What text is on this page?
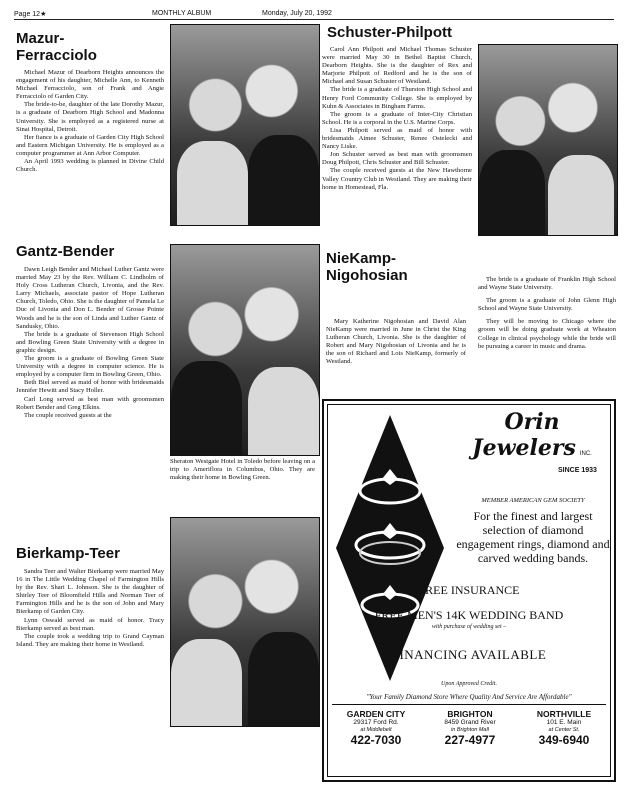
Page 12★	MONTHLY ALBUM	Monday, July 20, 1992
Mazur-
Ferracciolo

Michael Mazur of Dearborn Heights announces the engagement of his daughter, Michelle Ann, to Kenneth Michael Ferracciolo, son of Frank and Angie Ferracciolo of Garden City.

The bride-to-be, daughter of the late Dorothy Mazur, is a graduate of Dearborn High School and Madonna University. She is employed as a registered nurse at Sinai Hospital, Detroit.

Her fiance is a graduate of Garden City High School and Eastern Michigan University. He is employed as a computer programmer at Ann Arbor Computer.

An April 1993 wedding is planned in Divine Child Church.

Schuster-Philpott

Carol Ann Philpott and Michael Thomas Schuster were married May 30 in Bethel Baptist Church, Dearborn Heights. She is the daughter of Rex and Marjorie Philpott of Redford and he is the son of Michael and Susan Schuster of Westland.

The bride is a graduate of Thurston High School and Henry Ford Community College. She is employed by Kuhn & Associates in Bingham Farms.

The groom is a graduate of Inter-City Christian School. He is a corporal in the U.S. Marine Corps.

Lisa Philpott served as maid of honor with bridesmaids Aimee Schuster, Renee Ostelecki and Nancy Liske.

Jon Schuster served as best man with groomsmen Doug Philpott, Chris Schuster and Bill Schuster.

The couple received guests at the New Hawthorne Valley Country Club in Westland. They are making their home in Homestead, Fla.

Gantz-Bender

Dawn Leigh Bender and Michael Luther Gantz were married May 23 by the Rev. William C. Lindholm of Holy Cross Lutheran Church, Livonia, and the Rev. Larry Michaels, associate pastor of Hope Lutheran Church, Toledo, Ohio. She is the daughter of Pamela Le Duc of Livonia and Don L. Bender of Grosse Pointe Woods and he is the son of Linda and Luther Gantz of Sandusky, Ohio.

The bride is a graduate of Stevenson High School and Bowling Green State University with a degree in graphic design.

The groom is a graduate of Bowling Green State University with a degree in computer science. He is employed by a computer firm in Bowling Green, Ohio.

Beth Biel served as maid of honor with bridesmaids Jennifer Hewitt and Stacy Holler.

Carl Long served as best man with groomsmen Robert Bender and Greg Elkins.

The couple received guests at the

Sheraton Westgate Hotel in Toledo before leaving on a trip to Ameriflora in Columbus, Ohio. They are making their home in Bowling Green.

NieKamp-
Nigohosian

Mary Katherine Nigohosian and David Alan NieKamp were married in June in Christ the King Lutheran Church, Livonia. She is the daughter of Robert and Mary Nigohosian of Livonia and he is the son of Richard and Lois NieKamp, formerly of Westland.

The bride is a graduate of Franklin High School and Wayne State University.

The groom is a graduate of John Glenn High School and Wayne State University.

They will be moving to Chicago where the groom will be doing graduate work at Wheaton College in clinical psychology while the bride will be pursuing a career in music and drama.

Bierkamp-Teer

Sandra Teer and Walter Bierkamp were married May 16 in The Little Wedding Chapel of Farmington Hills by the Rev. Shari L. Johnson. She is the daughter of Shirley Teer of Bloomfield Hills and Norman Teer of Farmington Hills and he is the son of John and Mary Bierkamp of Garden City.

Lynn Oswald served as maid of honor. Tracy Bierkamp served as best man.

The couple took a wedding trip to Grand Cayman Island. They are making their home in Westland.

Orin
Jewelers INC.
SINCE 1933
MEMBER AMERICAN GEM SOCIETY
For the finest and largest selection of diamond engagement rings, diamond and carved wedding bands.
FREE INSURANCE
FREE MEN'S 14K WEDDING BAND
with purchase of wedding set –
FINANCING AVAILABLE
Upon Approved Credit.
"Your Family Diamond Store Where Quality And Service Are Affordable"
GARDEN CITY
29317 Ford Rd.
at Middlebelt
422-7030
BRIGHTON
8459 Grand River
in Brighton Mall
227-4977
NORTHVILLE
101 E. Main
at Center St.
349-6940
